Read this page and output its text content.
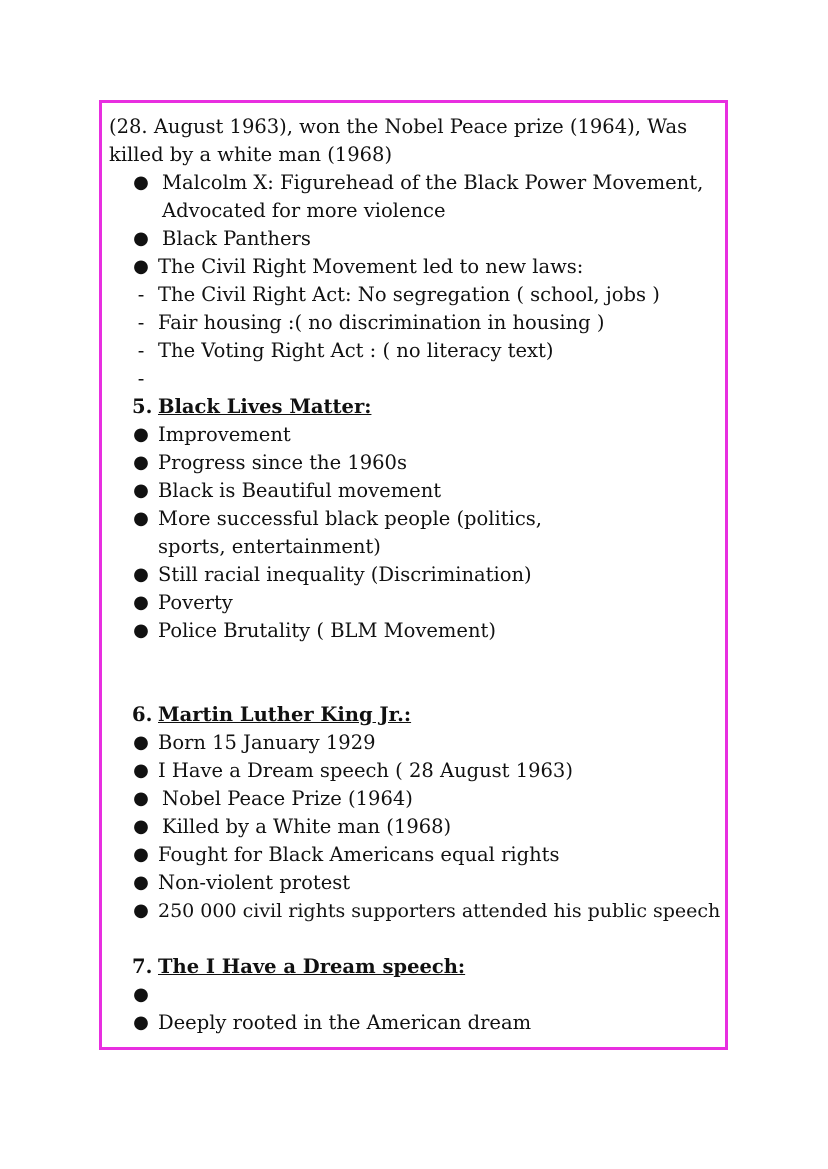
(28. August 1963), won the Nobel Peace prize (1964), Was killed by a white man (1968)

● Malcolm X: Figurehead of the Black Power Movement, Advocated for more violence
● Black Panthers
● The Civil Right Movement led to new laws:
- The Civil Right Act: No segregation ( school, jobs )
- Fair housing :( no discrimination in housing )
- The Voting Right Act : ( no literacy text)
-
5. Black Lives Matter:
● Improvement
● Progress since the 1960s
● Black is Beautiful movement
● More successful black people (politics, sports, entertainment)
● Still racial inequality (Discrimination)
● Poverty
● Police Brutality ( BLM Movement)
6. Martin Luther King Jr.:
● Born 15 January 1929
● I Have a Dream speech ( 28 August 1963)
● Nobel Peace Prize (1964)
● Killed by a White man (1968)
● Fought for Black Americans equal rights
● Non-violent protest
● 250 000 civil rights supporters attended his public speech
7. The I Have a Dream speech:
●
● Deeply rooted in the American dream
